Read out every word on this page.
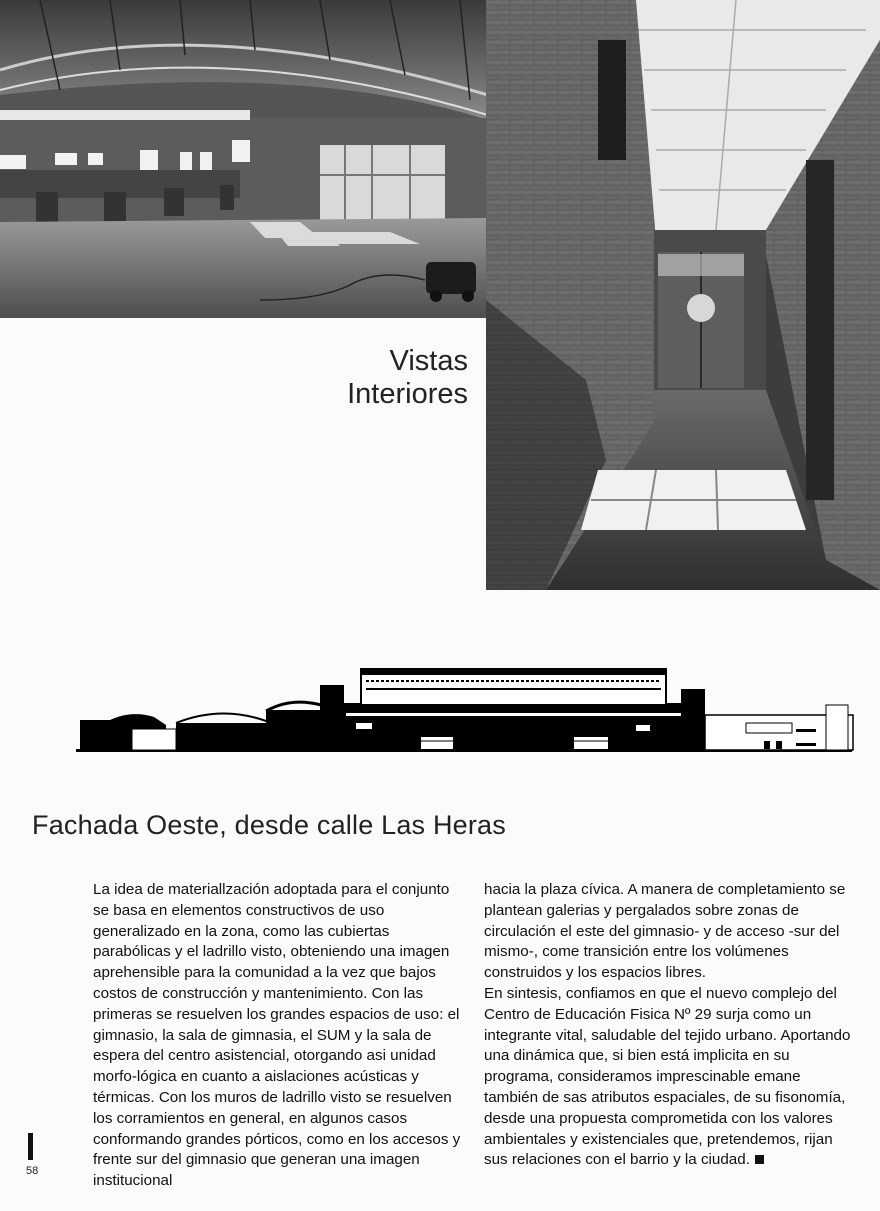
Vistas
Interiores
Fachada Oeste, desde calle Las Heras
La idea de materiallzación adoptada para el conjunto se basa en elementos constructivos de uso generalizado en la zona, como las cubiertas parabólicas y el ladrillo visto, obteniendo una imagen aprehensible para la comunidad a la vez que bajos costos de construcción y mantenimiento. Con las primeras se resuelven los grandes espacios de uso: el gimnasio, la sala de gimnasia, el SUM y la sala de espera del centro asistencial, otorgando asi unidad morfo-lógica en cuanto a aislaciones acústicas y térmicas. Con los muros de ladrillo visto se resuelven los corramientos en general, en algunos casos conformando grandes pórticos, como en los accesos y frente sur del gimnasio que generan una imagen institucional
hacia la plaza cívica. A manera de completamiento se plantean galerias y pergalados sobre zonas de circulación el este del gimnasio- y de acceso -sur del mismo-, come transición entre los volúmenes construidos y los espacios libres.
En sintesis, confiamos en que el nuevo complejo del Centro de Educación Fisica Nº 29 surja como un integrante vital, saludable del tejido urbano. Aportando una dinámica que, si bien está implicita en su programa, consideramos imprescinable emane también de sas atributos espaciales, de su fisonomía, desde una propuesta comprometida con los valores ambientales y existenciales que, pretendemos, rijan sus relaciones con el barrio y la ciudad.
58
